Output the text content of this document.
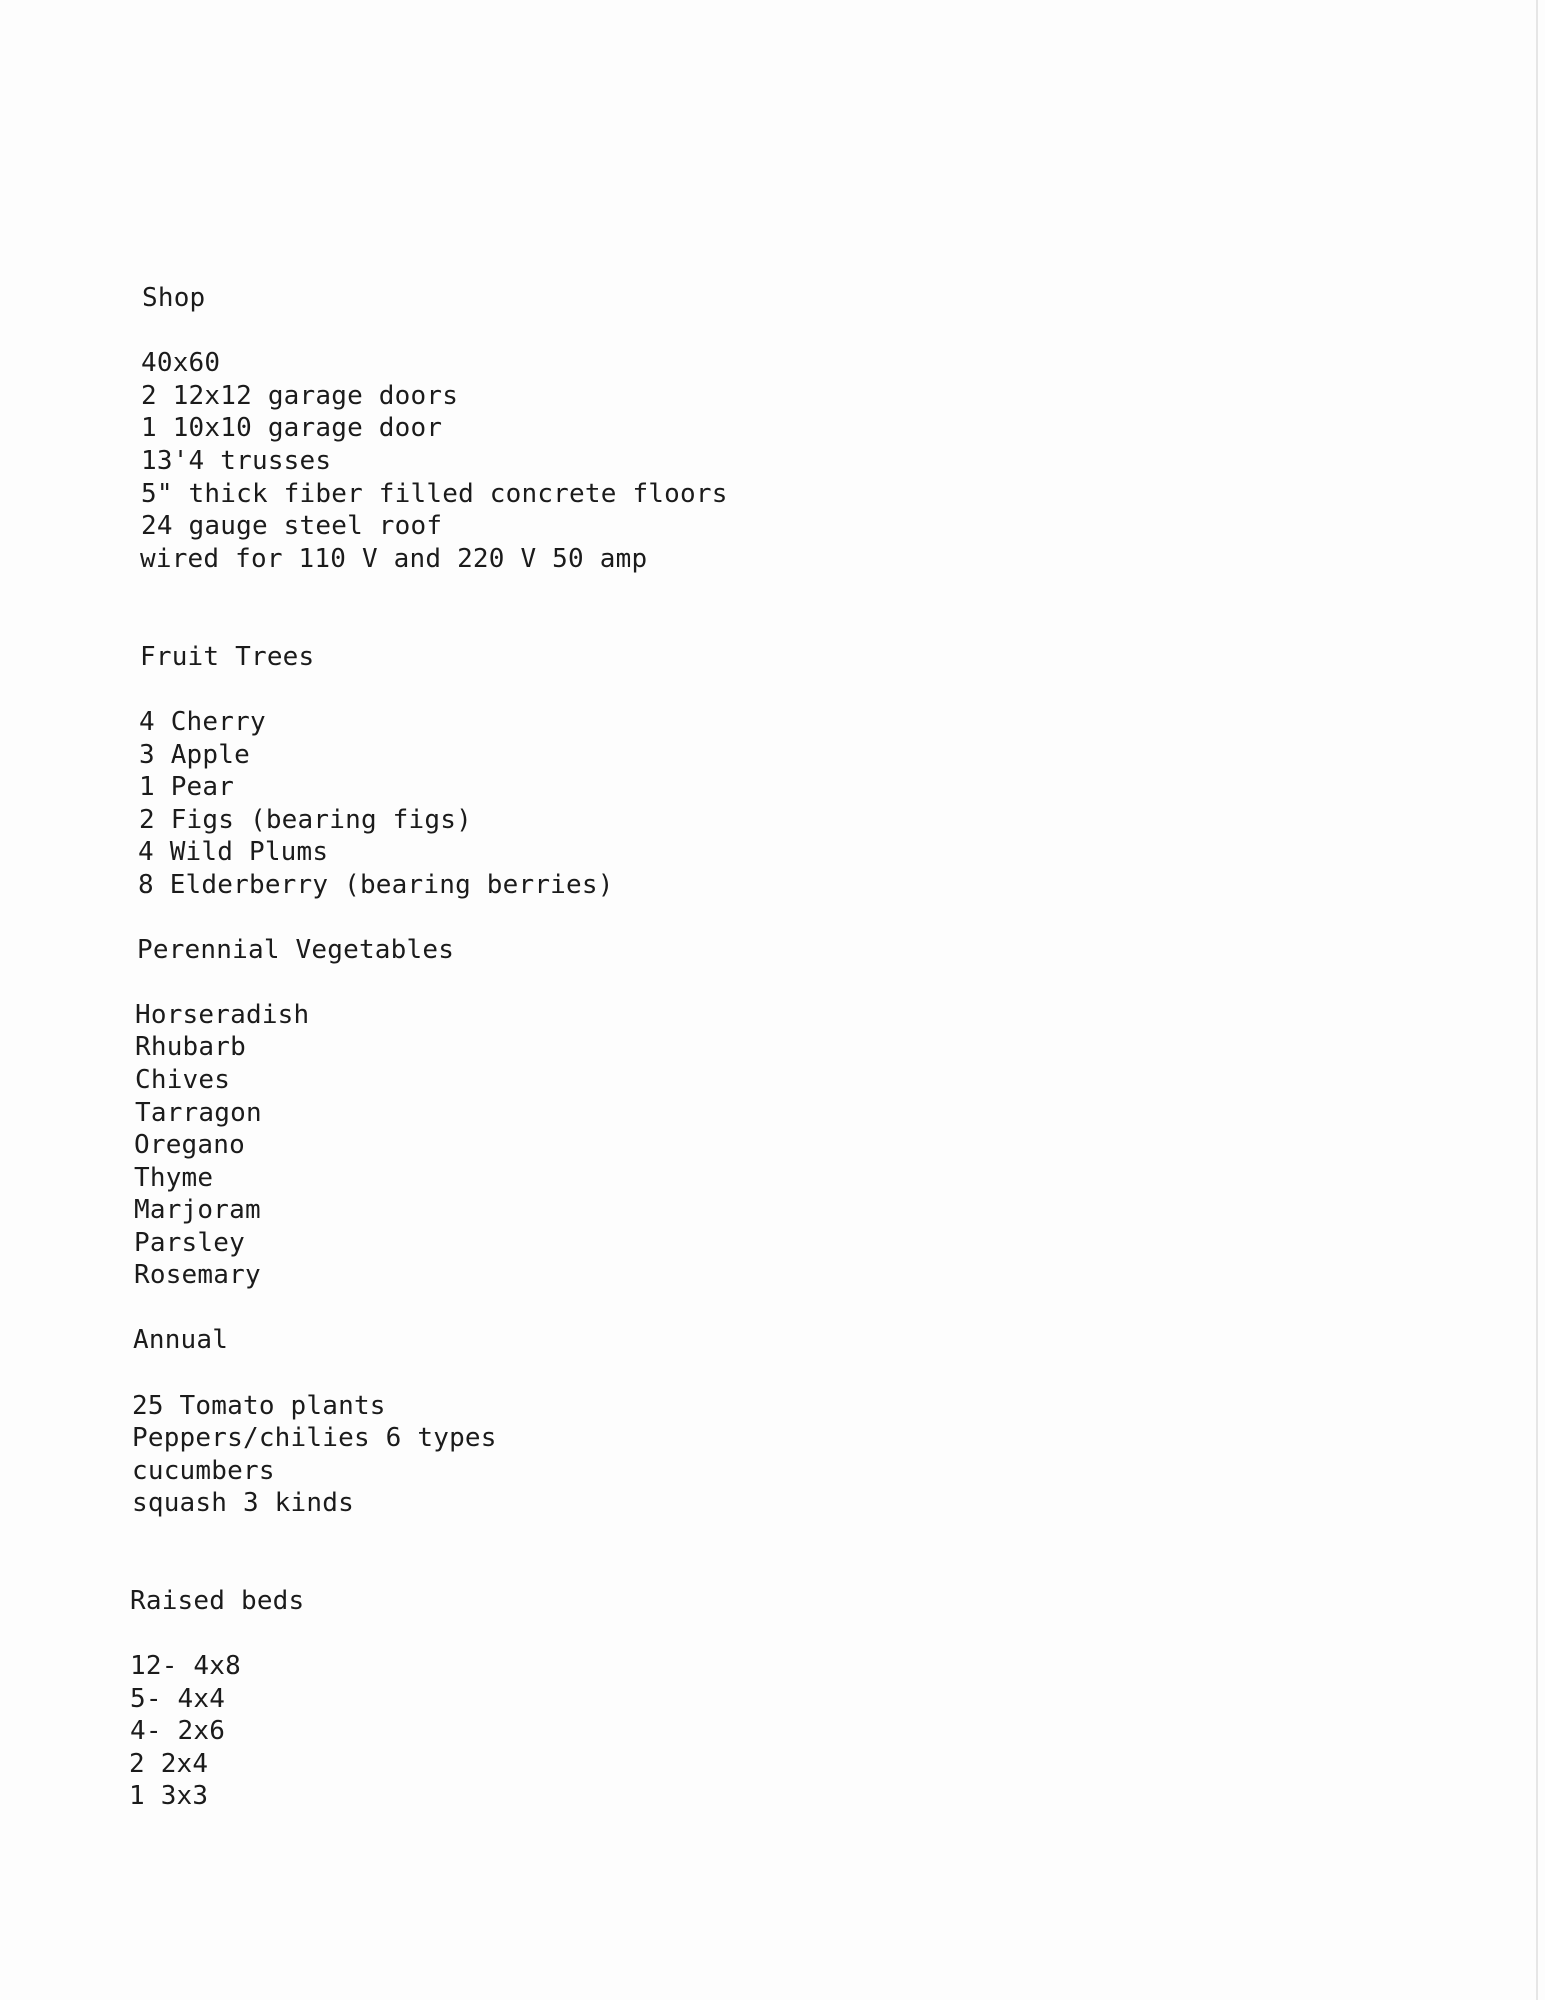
Shop
40x60
2 12x12 garage doors
1 10x10 garage door
13'4 trusses
5" thick fiber filled concrete floors
24 gauge steel roof
wired for 110 V and 220 V 50 amp
Fruit Trees
4 Cherry
3 Apple
1 Pear
2 Figs (bearing figs)
4 Wild Plums
8 Elderberry (bearing berries)
Perennial Vegetables
Horseradish
Rhubarb
Chives
Tarragon
Oregano
Thyme
Marjoram
Parsley
Rosemary
Annual
25 Tomato plants
Peppers/chilies 6 types
cucumbers
squash 3 kinds
Raised beds
12- 4x8
5- 4x4
4- 2x6
2 2x4
1 3x3
